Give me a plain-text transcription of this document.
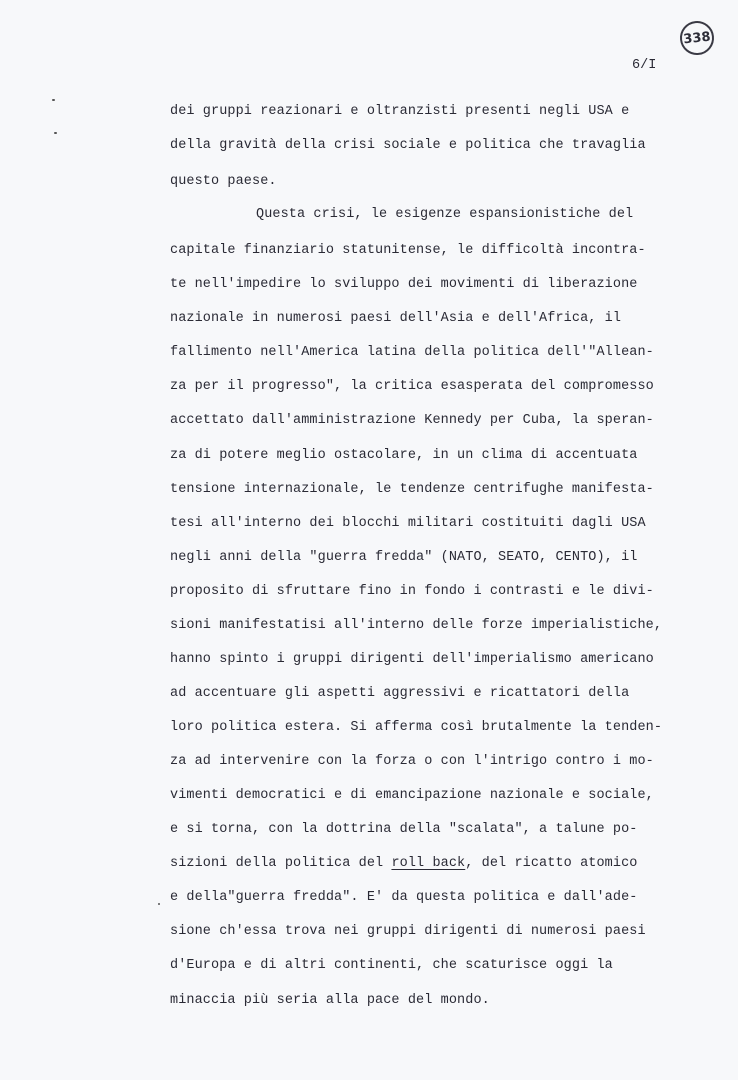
338
6/I
dei gruppi reazionari e oltranzisti presenti negli USA e
della gravità della crisi sociale e politica che travaglia
questo paese.
Questa crisi, le esigenze espansionistiche del
capitale finanziario statunitense, le difficoltà incontra-
te nell'impedire lo sviluppo dei movimenti di liberazione
nazionale in numerosi paesi dell'Asia e dell'Africa, il
fallimento nell'America latina della politica dell'"Allean-
za per il progresso", la critica esasperata del compromesso
accettato dall'amministrazione Kennedy per Cuba, la speran-
za di potere meglio ostacolare, in un clima di accentuata
tensione internazionale, le tendenze centrifughe manifesta-
tesi all'interno dei blocchi militari costituiti dagli USA
negli anni della "guerra fredda" (NATO, SEATO, CENTO), il
proposito di sfruttare fino in fondo i contrasti e le divi-
sioni manifestatisi all'interno delle forze imperialistiche,
hanno spinto i gruppi dirigenti dell'imperialismo americano
ad accentuare gli aspetti aggressivi e ricattatori della
loro politica estera. Si afferma così brutalmente la tenden-
za ad intervenire con la forza o con l'intrigo contro i mo-
vimenti democratici e di emancipazione nazionale e sociale,
e si torna, con la dottrina della "scalata", a talune po-
sizioni della politica del roll back, del ricatto atomico
e della"guerra fredda". E' da questa politica e dall'ade-
sione ch'essa trova nei gruppi dirigenti di numerosi paesi
d'Europa e di altri continenti, che scaturisce oggi la
minaccia più seria alla pace del mondo.
